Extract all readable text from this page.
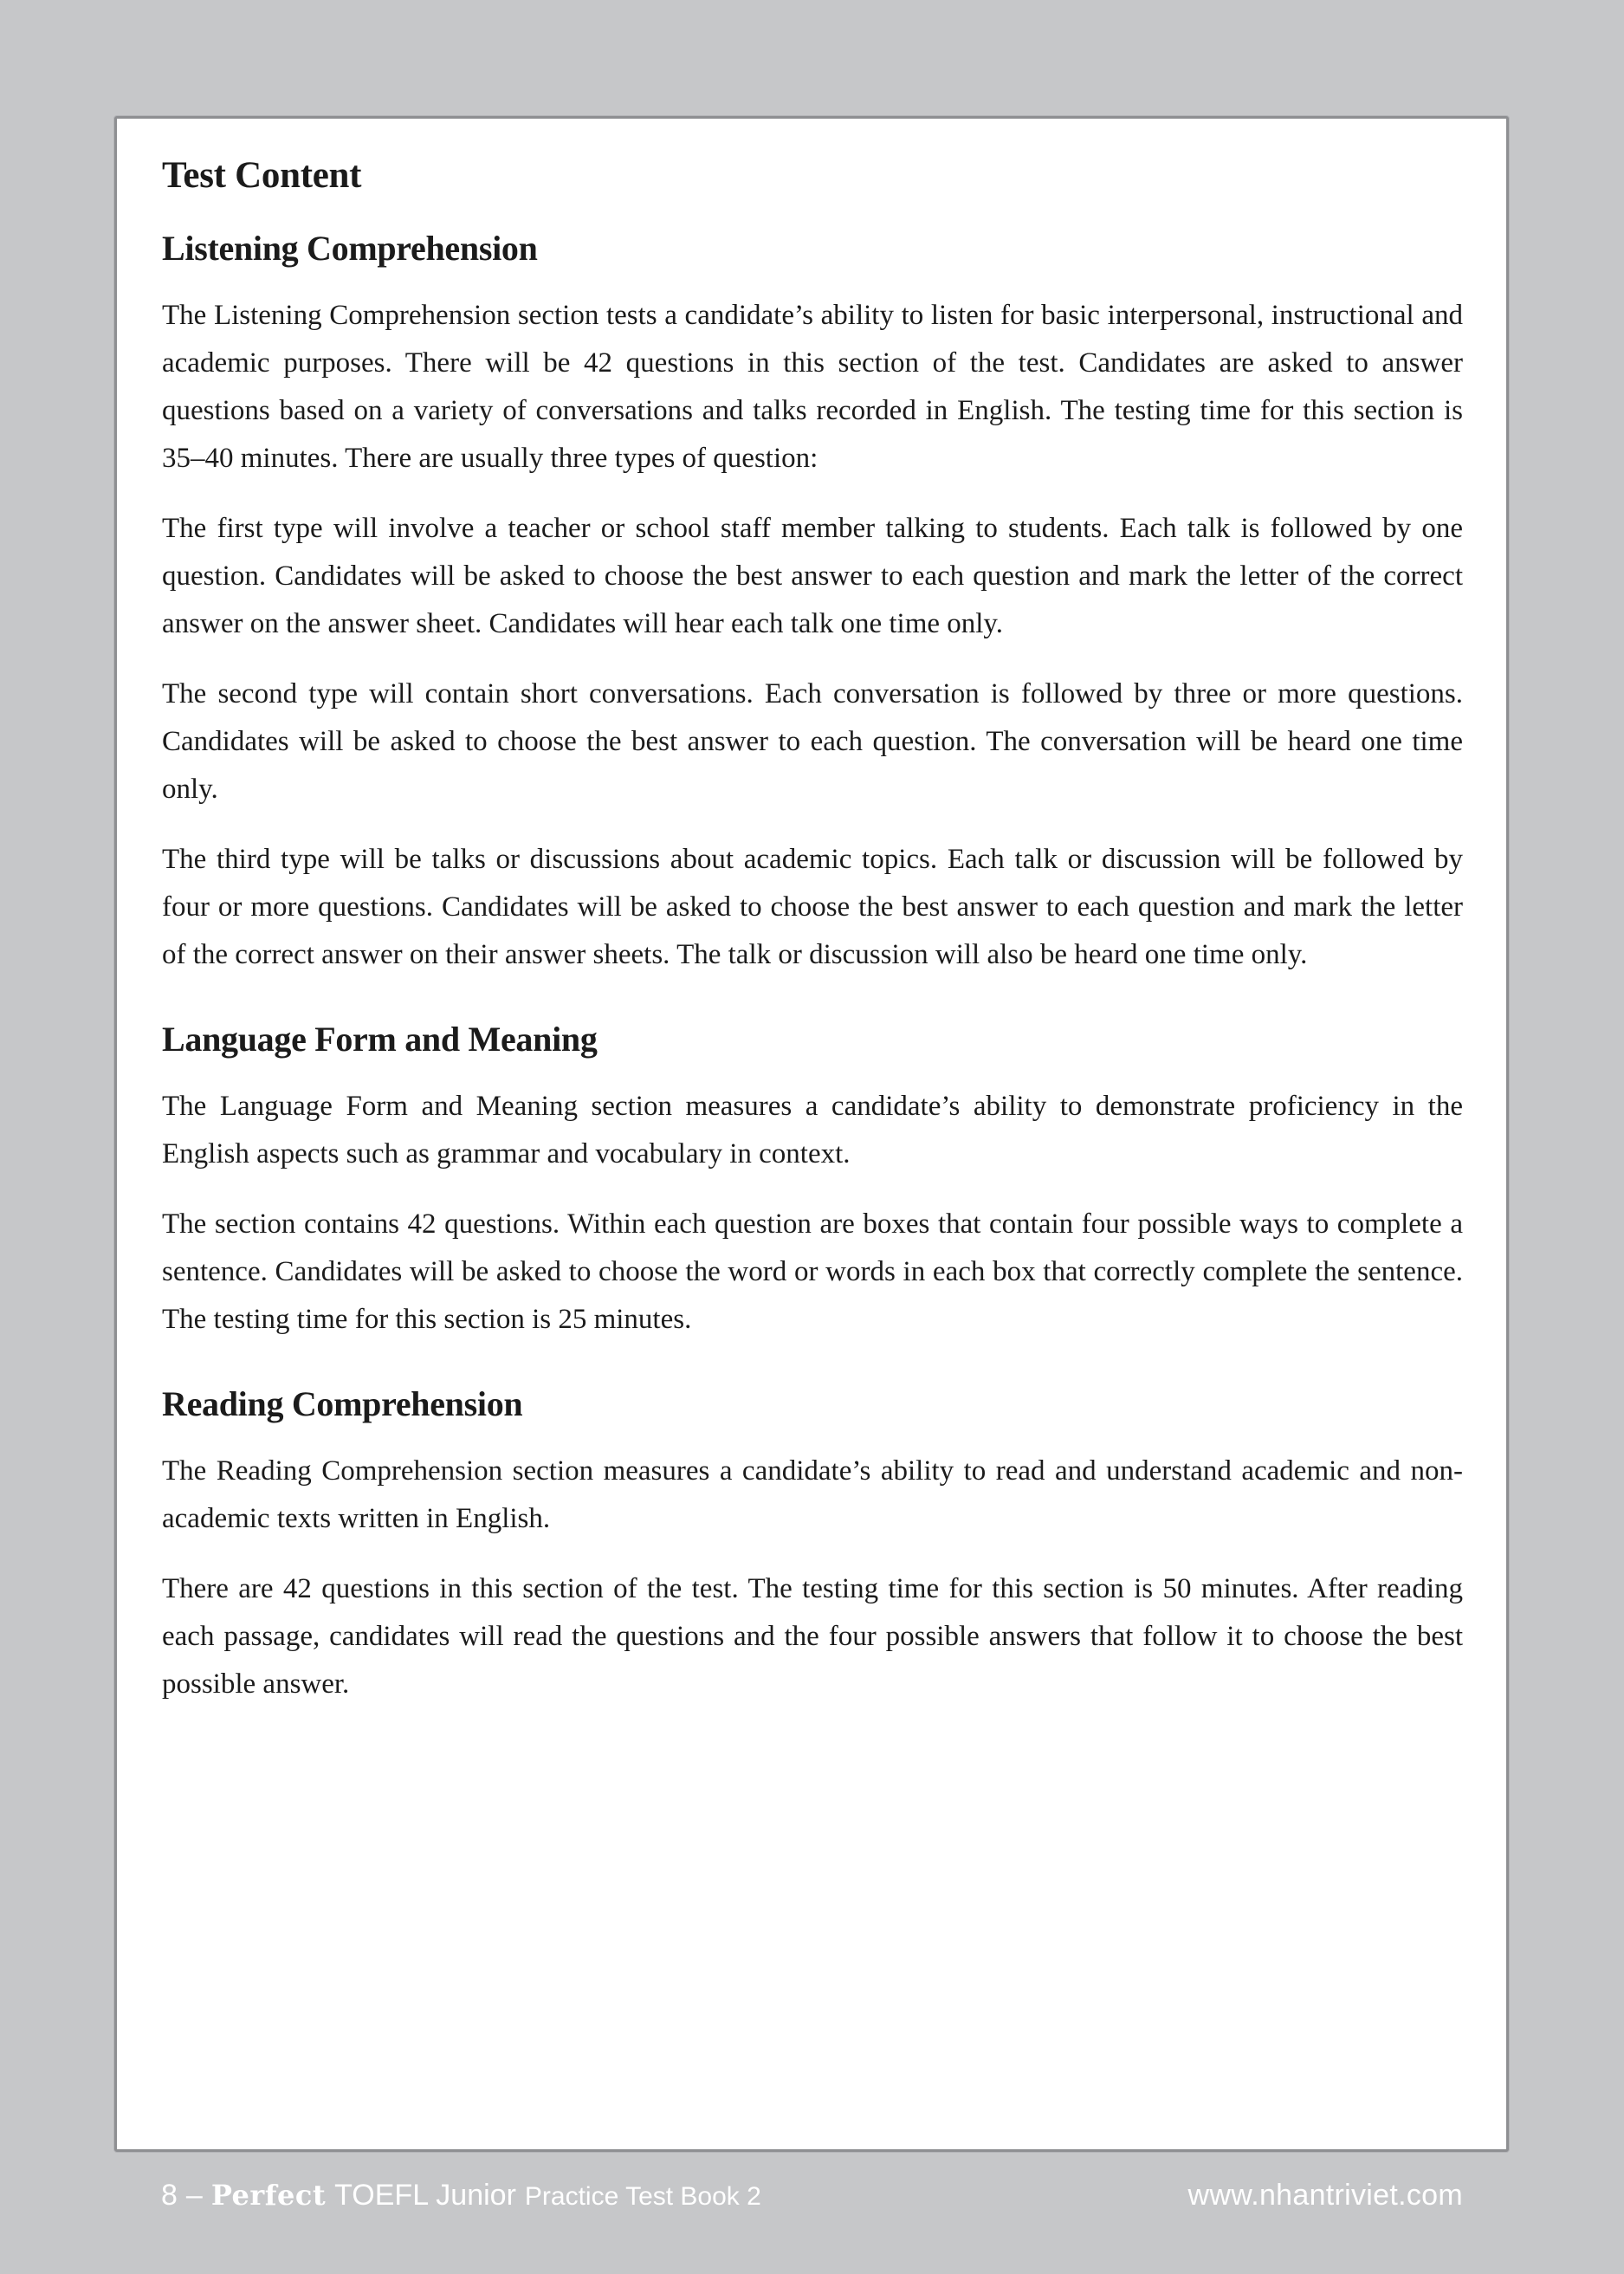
Test Content
Listening Comprehension

The Listening Comprehension section tests a candidate’s ability to listen for basic interpersonal, instructional and academic purposes. There will be 42 questions in this section of the test. Candidates are asked to answer questions based on a variety of conversations and talks recorded in English. The testing time for this section is 35–40 minutes. There are usually three types of question:

The first type will involve a teacher or school staff member talking to students. Each talk is followed by one question. Candidates will be asked to choose the best answer to each question and mark the letter of the correct answer on the answer sheet. Candidates will hear each talk one time only.

The second type will contain short conversations. Each conversation is followed by three or more questions. Candidates will be asked to choose the best answer to each question. The conversation will be heard one time only.

The third type will be talks or discussions about academic topics. Each talk or discussion will be followed by four or more questions. Candidates will be asked to choose the best answer to each question and mark the letter of the correct answer on their answer sheets. The talk or discussion will also be heard one time only.

Language Form and Meaning

The Language Form and Meaning section measures a candidate’s ability to demonstrate proficiency in the English aspects such as grammar and vocabulary in context.

The section contains 42 questions. Within each question are boxes that contain four possible ways to complete a sentence. Candidates will be asked to choose the word or words in each box that correctly complete the sentence. The testing time for this section is 25 minutes.

Reading Comprehension

The Reading Comprehension section measures a candidate’s ability to read and understand academic and non-academic texts written in English.

There are 42 questions in this section of the test. The testing time for this section is 50 minutes. After reading each passage, candidates will read the questions and the four possible answers that follow it to choose the best possible answer.

8 – Perfect TOEFL Junior Practice Test Book 2	www.nhantriviet.com
